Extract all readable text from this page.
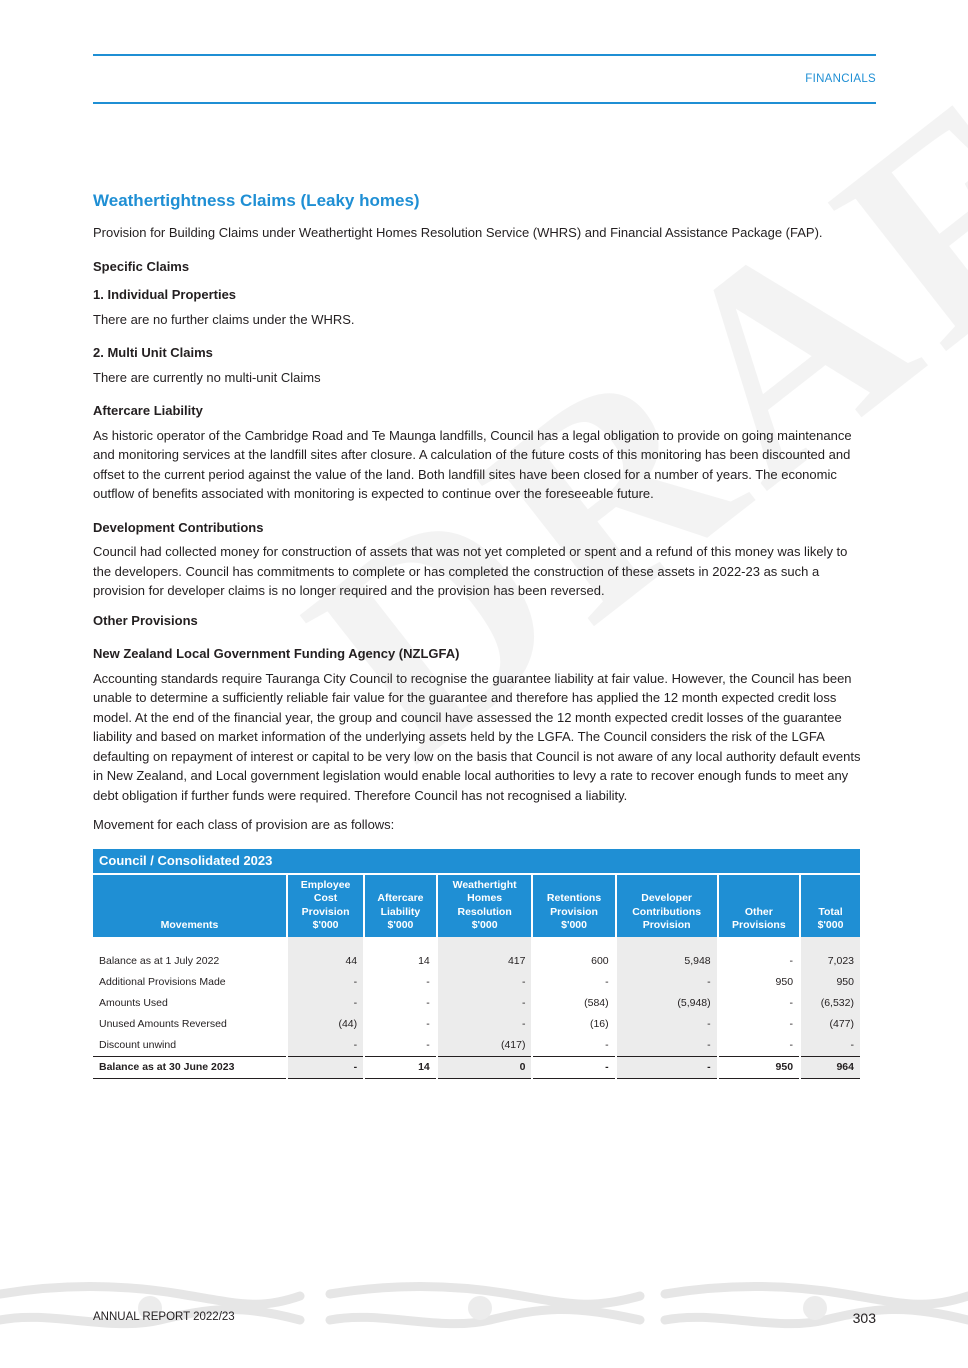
FINANCIALS
Weathertightness Claims (Leaky homes)

Provision for Building Claims under Weathertight Homes Resolution Service (WHRS) and Financial Assistance Package (FAP).

Specific Claims
1. Individual Properties

There are no further claims under the WHRS.

2. Multi Unit Claims

There are currently no multi-unit Claims

Aftercare Liability

As historic operator of the Cambridge Road and Te Maunga landfills, Council has a legal obligation to provide on going maintenance and monitoring services at the landfill sites after closure. A calculation of the future costs of this monitoring has been discounted and offset to the current period against the value of the land. Both landfill sites have been closed for a number of years. The economic outflow of benefits associated with monitoring is expected to continue over the foreseeable future.

Development Contributions

Council had collected money for construction of assets that was not yet completed or spent and a refund of this money was likely to the developers. Council has commitments to complete or has completed the construction of these assets in 2022-23 as such a provision for developer claims is no longer required and the provision has been reversed.

Other Provisions
New Zealand Local Government Funding Agency (NZLGFA)

Accounting standards require Tauranga City Council to recognise the guarantee liability at fair value. However, the Council has been unable to determine a sufficiently reliable fair value for the guarantee and therefore has applied the 12 month expected credit loss model. At the end of the financial year, the group and council have assessed the 12 month expected credit losses of the guarantee liability and based on market information of the underlying assets held by the LGFA. The Council considers the risk of the LGFA defaulting on repayment of interest or capital to be very low on the basis that Council is not aware of any local authority default events in New Zealand, and Local government legislation would enable local authorities to levy a rate to recover enough funds to meet any debt obligation if further funds were required. Therefore Council has not recognised a liability.

Movement for each class of provision are as follows:

Council / Consolidated 2023							
Movements	Employee
Cost
Provision
$'000	Aftercare
Liability
$'000	Weathertight
Homes
Resolution
$'000	Retentions
Provision
$'000	Developer
Contributions
Provision	Other
Provisions	Total
$'000

Balance as at 1 July 2022	44	14	417	600	5,948	-	7,023
Additional Provisions Made	-	-	-	-	-	950	950
Amounts Used	-	-	-	(584)	(5,948)	-	(6,532)
Unused Amounts Reversed	(44)	-	-	(16)	-	-	(477)
Discount unwind	-	-	(417)	-	-	-	-
Balance as at 30 June 2023	-	14	0	-	-	950	964
ANNUAL REPORT 2022/23	303
